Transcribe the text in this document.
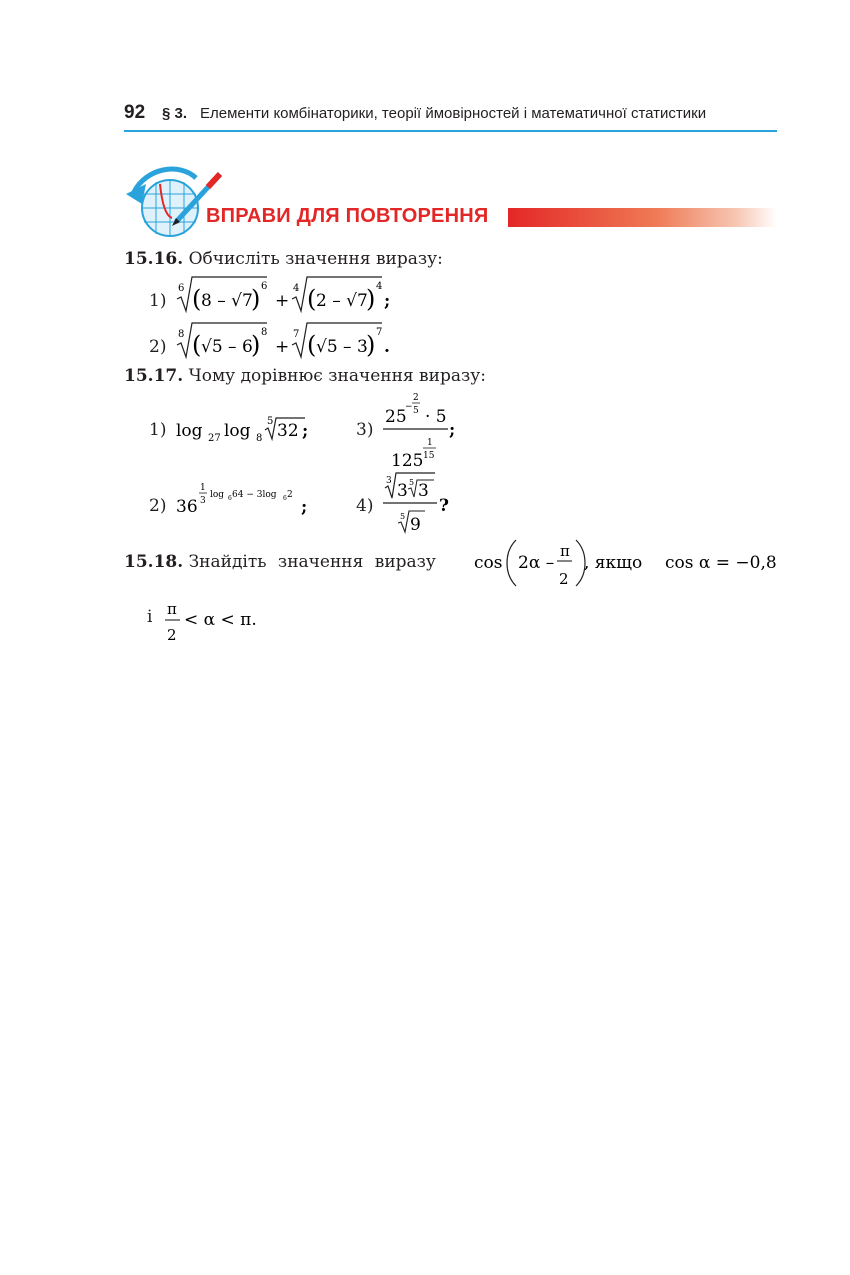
92 § 3. Елементи комбінаторики, теорії ймовірностей і математичної статистики
ВПРАВИ ДЛЯ ПОВТОРЕННЯ
15.16. Обчисліть значення виразу:
1)
6 ( 8 – √7
) 6
+
4 ( 2 – √7
) 4
;
2)
8 ( √5 – 6
) 8
+
7 ( √5 – 3
) 7
.
15.17. Чому дорівнює значення виразу:
1) log 27 log 8
5 32 ;	3)
25
−
2
5 · 5
;
125
1
15
2) 36
1
3
log 6 64 − 3log 6 2
;	4)
3 3 5 3
?
5 9
15.18. Знайдіть значення виразу cos 2α –
π
2
, якщо cos α = −0,8
і π
2
< α < π.
